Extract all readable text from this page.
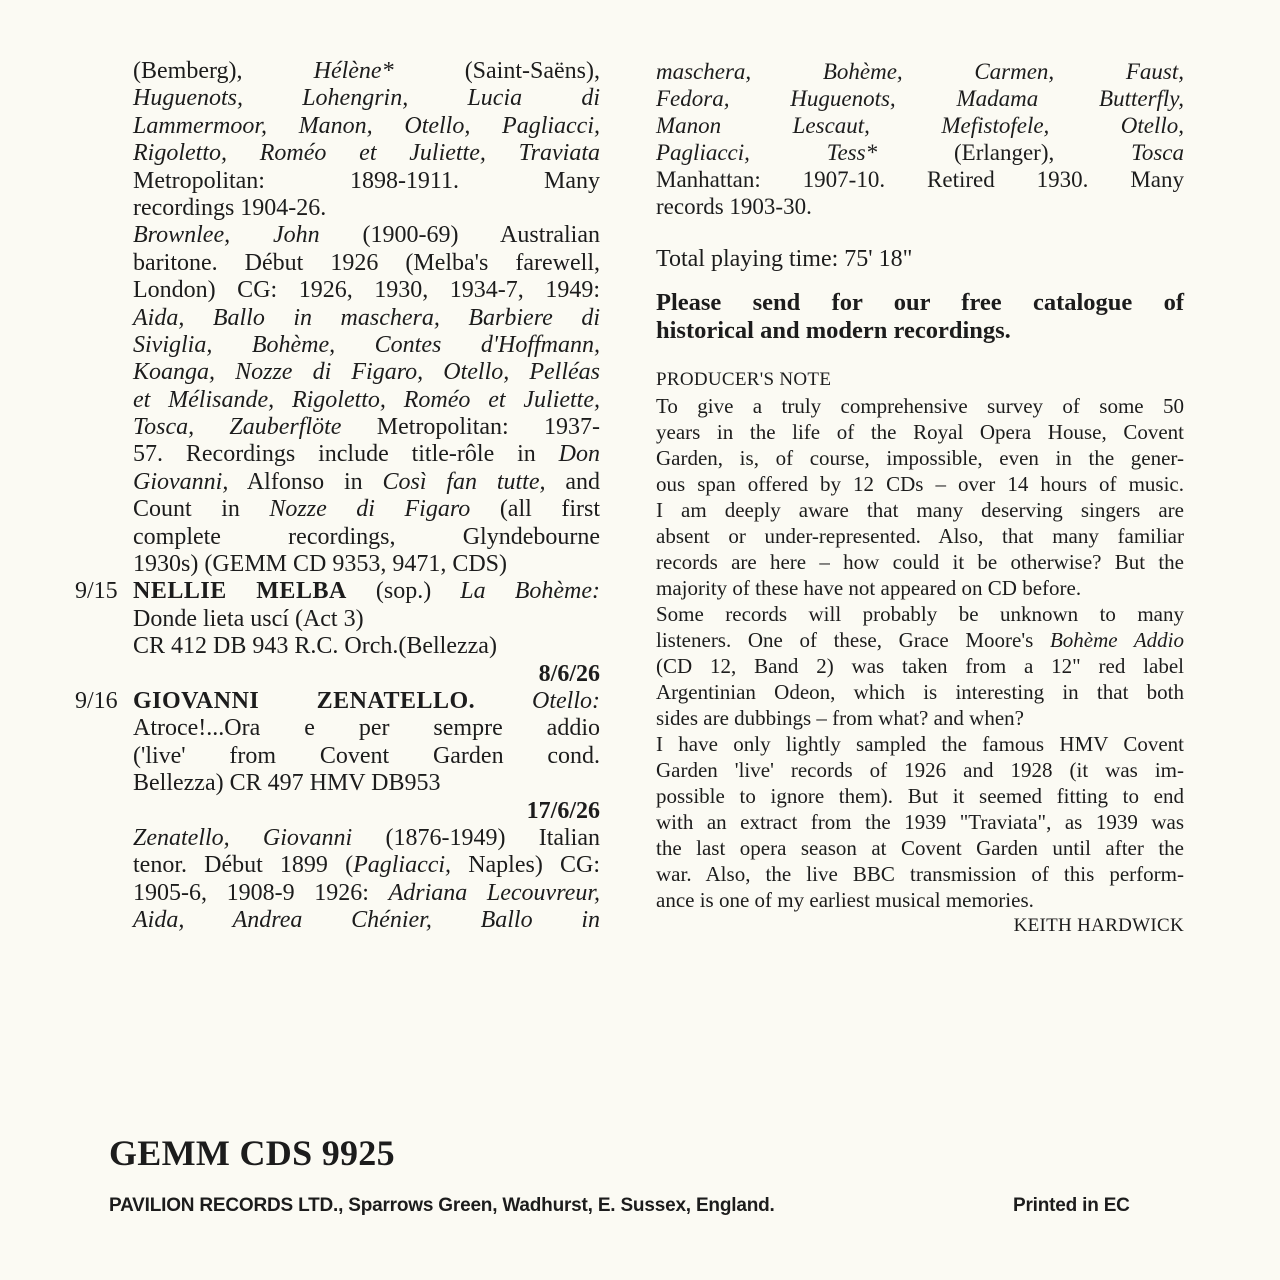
(Bemberg), Hélène* (Saint-Saëns),
Huguenots, Lohengrin, Lucia di
Lammermoor, Manon, Otello, Pagliacci,
Rigoletto, Roméo et Juliette, Traviata
Metropolitan: 1898-1911. Many
recordings 1904-26.
Brownlee, John (1900-69) Australian
baritone. Début 1926 (Melba's farewell,
London) CG: 1926, 1930, 1934-7, 1949:
Aida, Ballo in maschera, Barbiere di
Siviglia, Bohème, Contes d'Hoffmann,
Koanga, Nozze di Figaro, Otello, Pelléas
et Mélisande, Rigoletto, Roméo et Juliette,
Tosca, Zauberflöte Metropolitan: 1937-
57. Recordings include title-rôle in Don
Giovanni, Alfonso in Così fan tutte, and
Count in Nozze di Figaro (all first
complete recordings, Glyndebourne
1930s) (GEMM CD 9353, 9471, CDS)
9/15 NELLIE MELBA (sop.) La Bohème:
Donde lieta uscí (Act 3)
CR 412 DB 943 R.C. Orch.(Bellezza)
8/6/26
9/16 GIOVANNI ZENATELLO. Otello:
Atroce!...Ora e per sempre addio
('live' from Covent Garden cond.
Bellezza) CR 497 HMV DB953
17/6/26
Zenatello, Giovanni (1876-1949) Italian
tenor. Début 1899 (Pagliacci, Naples) CG:
1905-6, 1908-9 1926: Adriana Lecouvreur,
Aida, Andrea Chénier, Ballo in
maschera, Bohème, Carmen, Faust,
Fedora, Huguenots, Madama Butterfly,
Manon Lescaut, Mefistofele, Otello,
Pagliacci, Tess* (Erlanger), Tosca
Manhattan: 1907-10. Retired 1930. Many
records 1903-30.
Total playing time: 75' 18"
Please send for our free catalogue of
historical and modern recordings.
PRODUCER'S NOTE
To give a truly comprehensive survey of some 50
years in the life of the Royal Opera House, Covent
Garden, is, of course, impossible, even in the gener-
ous span offered by 12 CDs – over 14 hours of music.
I am deeply aware that many deserving singers are
absent or under-represented. Also, that many familiar
records are here – how could it be otherwise? But the
majority of these have not appeared on CD before.
Some records will probably be unknown to many
listeners. One of these, Grace Moore's Bohème Addio
(CD 12, Band 2) was taken from a 12" red label
Argentinian Odeon, which is interesting in that both
sides are dubbings – from what? and when?
I have only lightly sampled the famous HMV Covent
Garden 'live' records of 1926 and 1928 (it was im-
possible to ignore them). But it seemed fitting to end
with an extract from the 1939 "Traviata", as 1939 was
the last opera season at Covent Garden until after the
war. Also, the live BBC transmission of this perform-
ance is one of my earliest musical memories.
KEITH HARDWICK
GEMM CDS 9925
PAVILION RECORDS LTD., Sparrows Green, Wadhurst, E. Sussex, England.	Printed in EC
